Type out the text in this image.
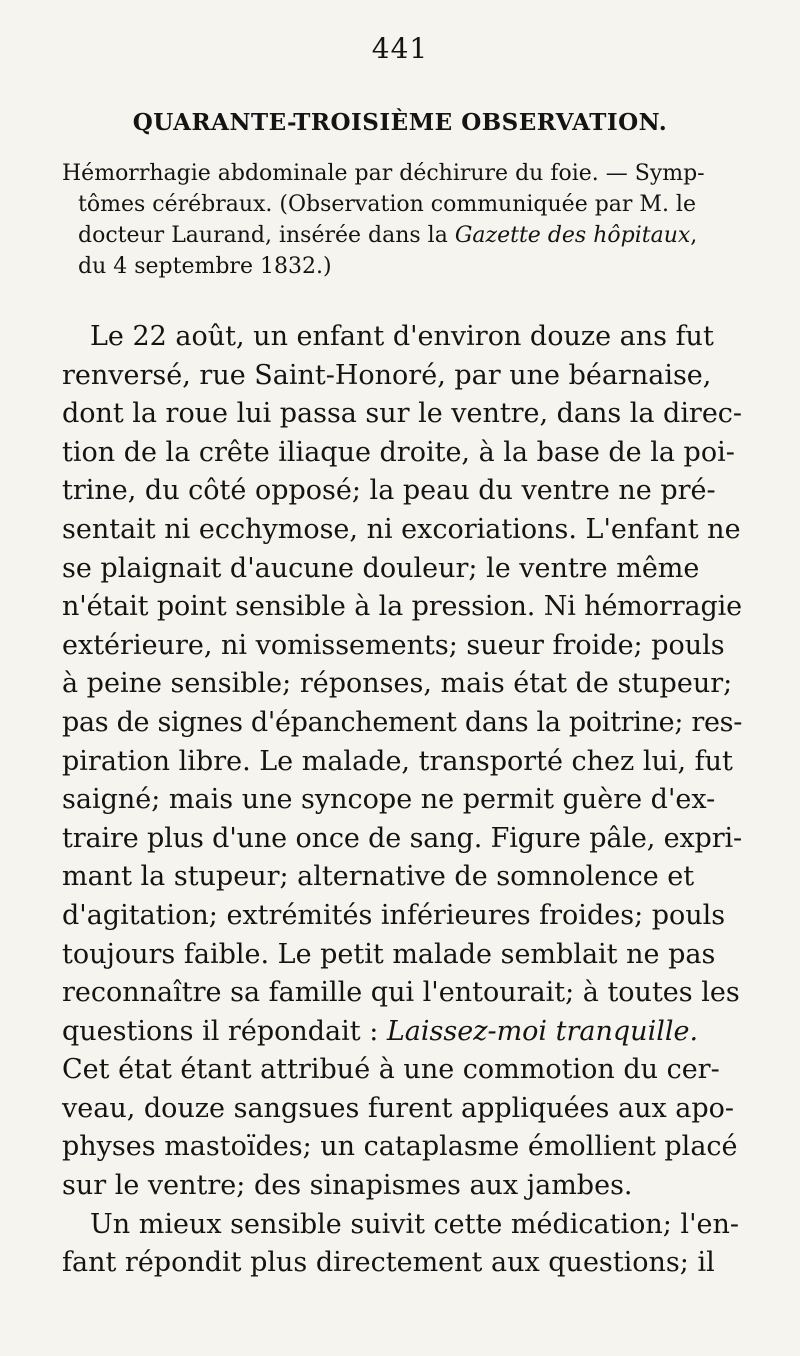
441
QUARANTE-TROISIÈME OBSERVATION.
Hémorrhagie abdominale par déchirure du foie. — Symp-
tômes cérébraux. (Observation communiquée par M. le
docteur Laurand, insérée dans la Gazette des hôpitaux,
du 4 septembre 1832.)
Le 22 août, un enfant d'environ douze ans fut
renversé, rue Saint-Honoré, par une béarnaise,
dont la roue lui passa sur le ventre, dans la direc-
tion de la crête iliaque droite, à la base de la poi-
trine, du côté opposé; la peau du ventre ne pré-
sentait ni ecchymose, ni excoriations. L'enfant ne
se plaignait d'aucune douleur; le ventre même
n'était point sensible à la pression. Ni hémorragie
extérieure, ni vomissements; sueur froide; pouls
à peine sensible; réponses, mais état de stupeur;
pas de signes d'épanchement dans la poitrine; res-
piration libre. Le malade, transporté chez lui, fut
saigné; mais une syncope ne permit guère d'ex-
traire plus d'une once de sang. Figure pâle, expri-
mant la stupeur; alternative de somnolence et
d'agitation; extrémités inférieures froides; pouls
toujours faible. Le petit malade semblait ne pas
reconnaître sa famille qui l'entourait; à toutes les
questions il répondait : Laissez-moi tranquille.
Cet état étant attribué à une commotion du cer-
veau, douze sangsues furent appliquées aux apo-
physes mastoïdes; un cataplasme émollient placé
sur le ventre; des sinapismes aux jambes.
Un mieux sensible suivit cette médication; l'en-
fant répondit plus directement aux questions; il
